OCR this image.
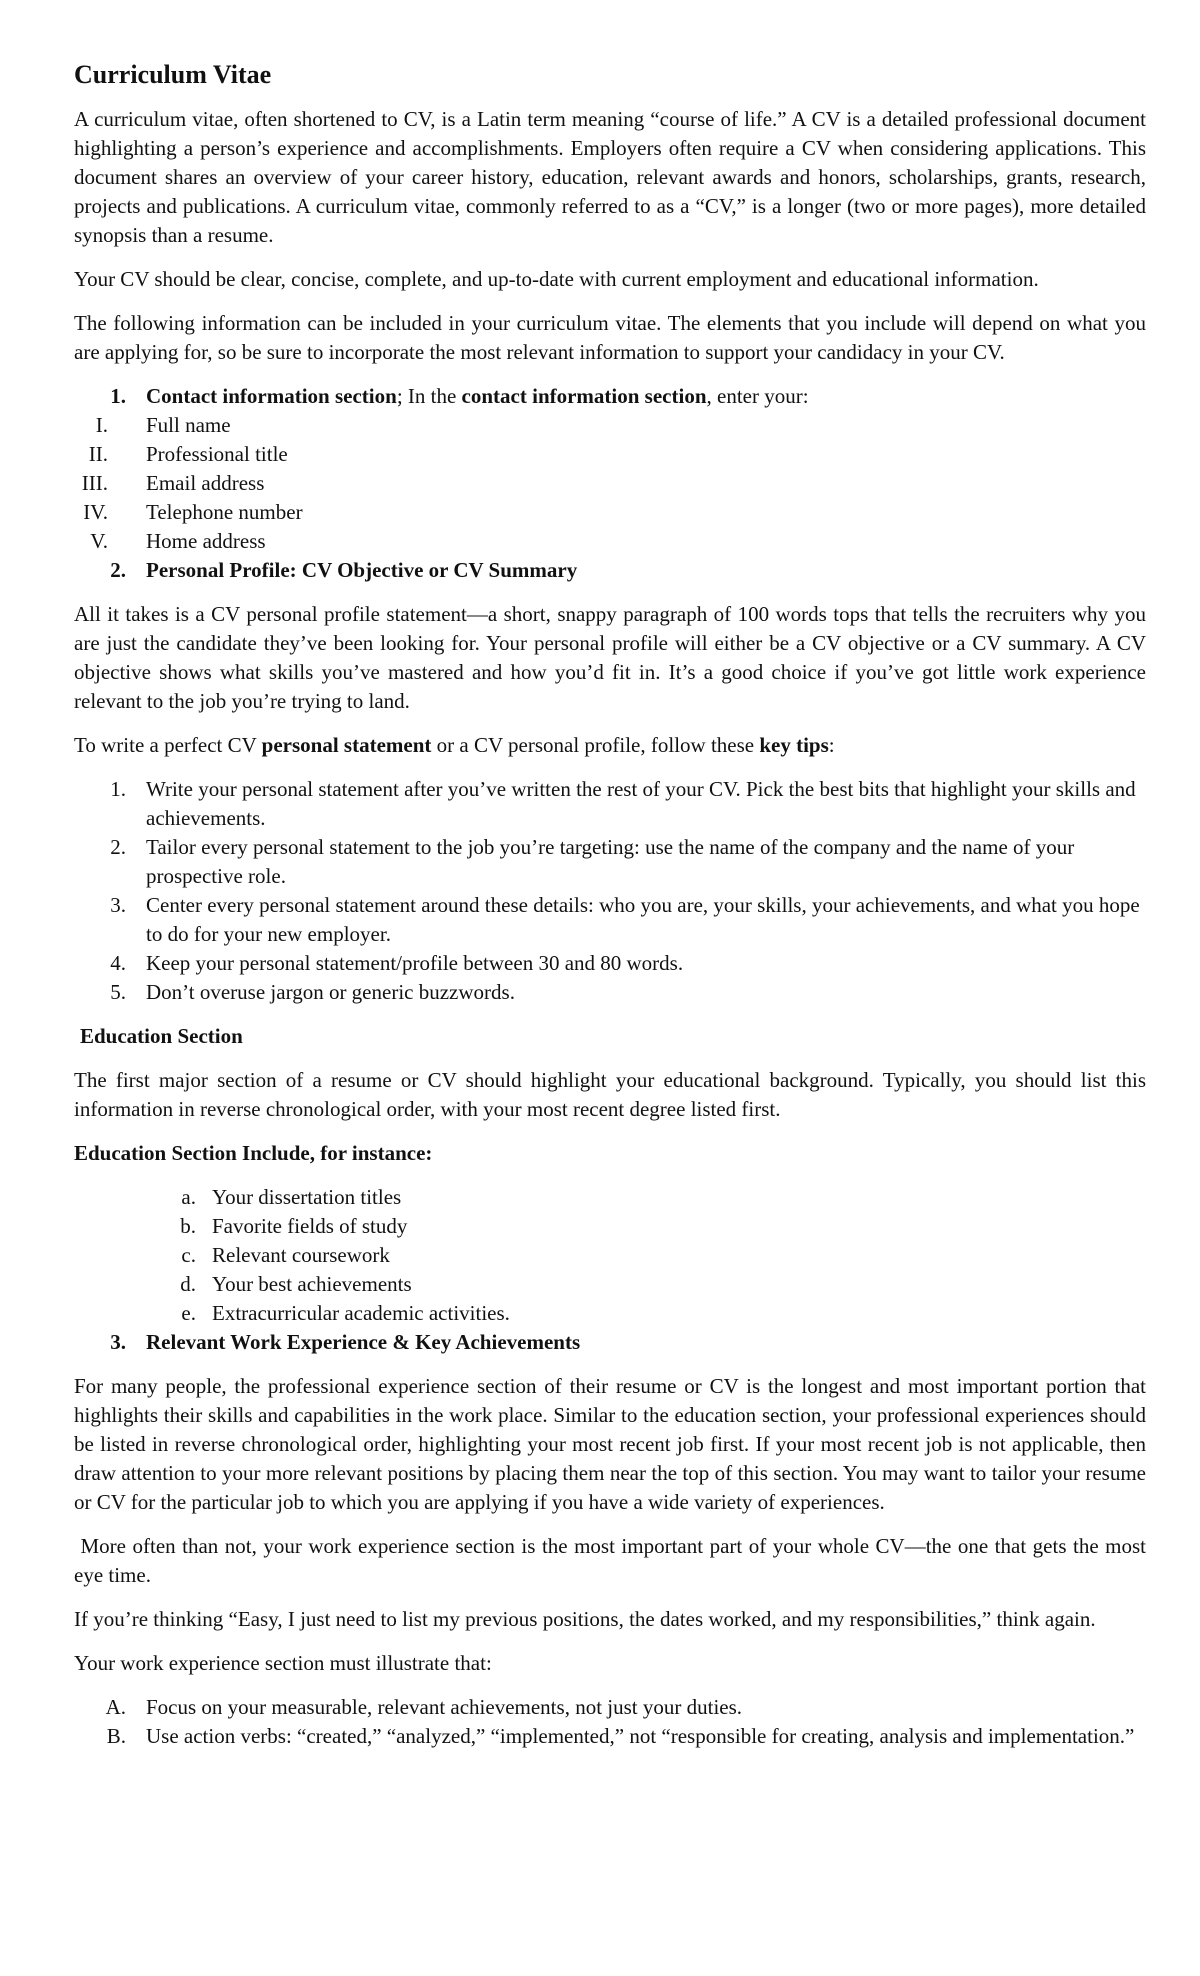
Curriculum Vitae

A curriculum vitae, often shortened to CV, is a Latin term meaning “course of life.” A CV is a detailed professional document highlighting a person’s experience and accomplishments. Employers often require a CV when considering applications. This document shares an overview of your career history, education, relevant awards and honors, scholarships, grants, research, projects and publications. A curriculum vitae, commonly referred to as a “CV,” is a longer (two or more pages), more detailed synopsis than a resume.

Your CV should be clear, concise, complete, and up-to-date with current employment and educational information.

The following information can be included in your curriculum vitae. The elements that you include will depend on what you are applying for, so be sure to incorporate the most relevant information to support your candidacy in your CV.

1. Contact information section; In the contact information section, enter your:
I.	Full name
II.	Professional title
III.	Email address
IV.	Telephone number
V.	Home address
2. Personal Profile: CV Objective or CV Summary

All it takes is a CV personal profile statement—a short, snappy paragraph of 100 words tops that tells the recruiters why you are just the candidate they’ve been looking for. Your personal profile will either be a CV objective or a CV summary. A CV objective shows what skills you’ve mastered and how you’d fit in. It’s a good choice if you’ve got little work experience relevant to the job you’re trying to land.

To write a perfect CV personal statement or a CV personal profile, follow these key tips:

1. Write your personal statement after you’ve written the rest of your CV. Pick the best bits that highlight your skills and achievements.
2. Tailor every personal statement to the job you’re targeting: use the name of the company and the name of your prospective role.
3. Center every personal statement around these details: who you are, your skills, your achievements, and what you hope to do for your new employer.
4. Keep your personal statement/profile between 30 and 80 words.
5. Don’t overuse jargon or generic buzzwords.
Education Section

The first major section of a resume or CV should highlight your educational background. Typically, you should list this information in reverse chronological order, with your most recent degree listed first.

Education Section Include, for instance:
a. Your dissertation titles
b. Favorite fields of study
c. Relevant coursework
d. Your best achievements
e. Extracurricular academic activities.
3. Relevant Work Experience & Key Achievements

For many people, the professional experience section of their resume or CV is the longest and most important portion that highlights their skills and capabilities in the work place. Similar to the education section, your professional experiences should be listed in reverse chronological order, highlighting your most recent job first. If your most recent job is not applicable, then draw attention to your more relevant positions by placing them near the top of this section. You may want to tailor your resume or CV for the particular job to which you are applying if you have a wide variety of experiences.

More often than not, your work experience section is the most important part of your whole CV—the one that gets the most eye time.

If you’re thinking “Easy, I just need to list my previous positions, the dates worked, and my responsibilities,” think again.

Your work experience section must illustrate that:

A. Focus on your measurable, relevant achievements, not just your duties.
B. Use action verbs: “created,” “analyzed,” “implemented,” not “responsible for creating, analysis and implementation.”
